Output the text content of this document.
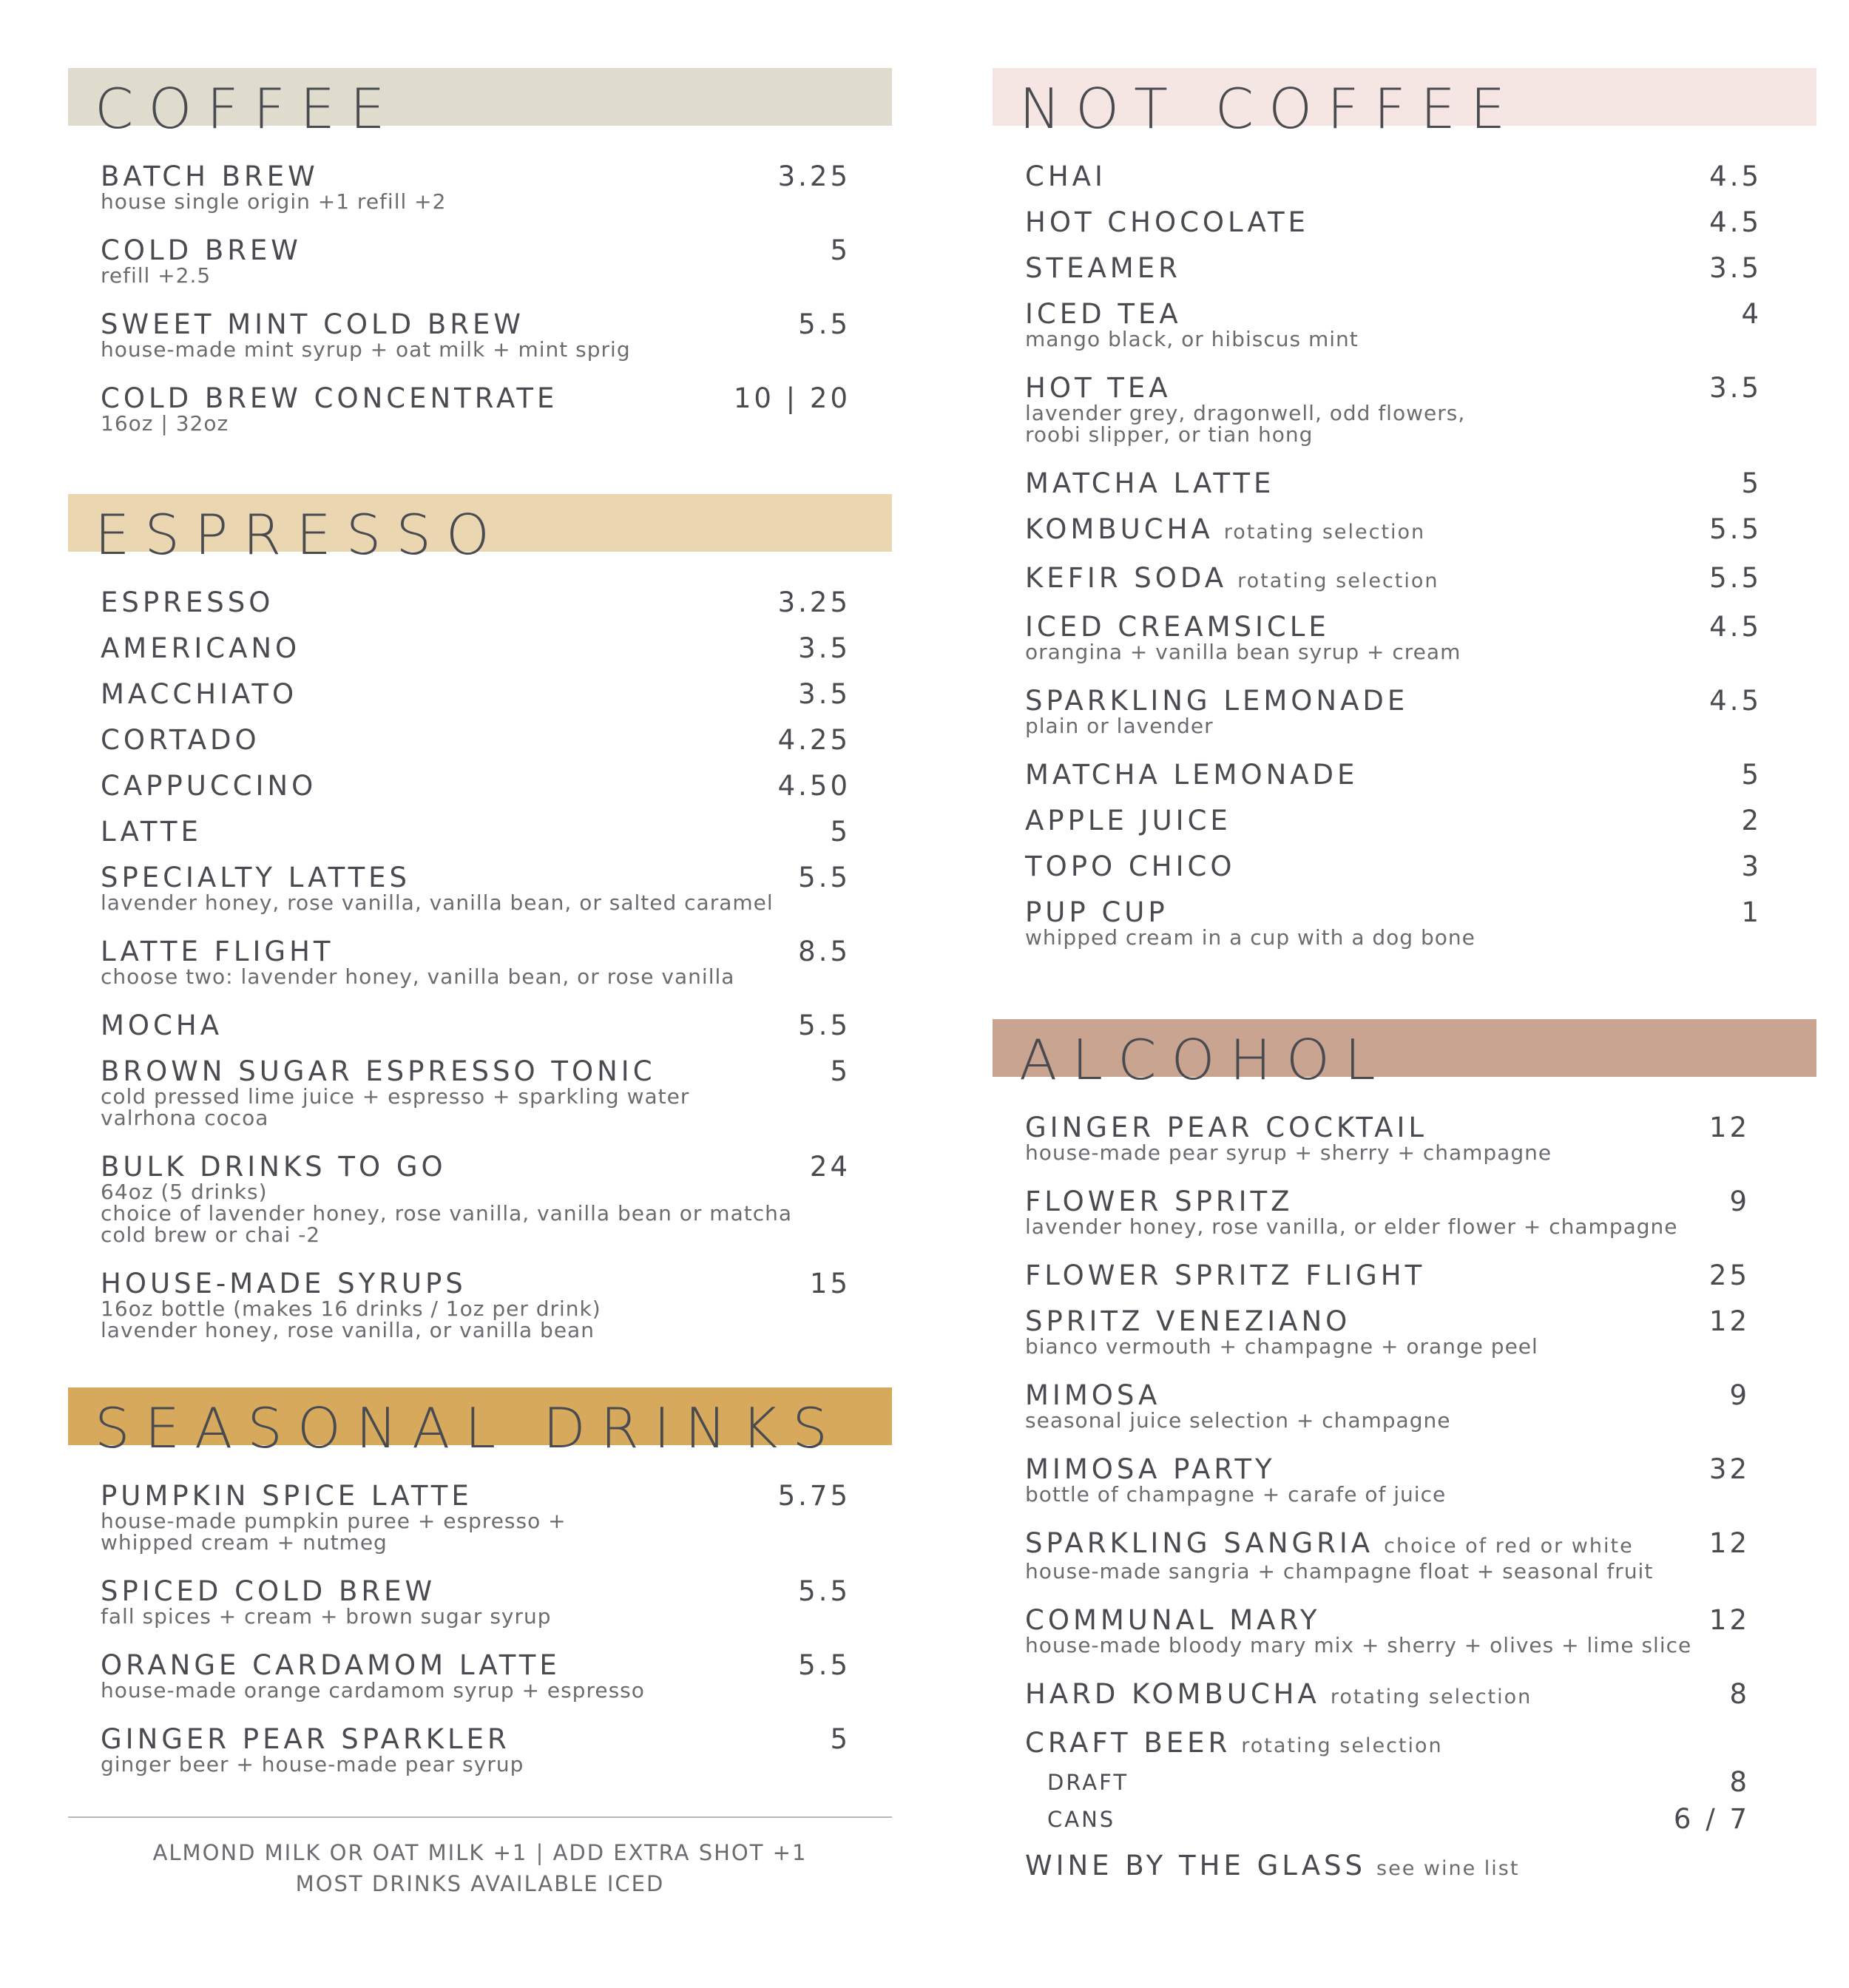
COFFEE
BATCH BREW	3.25
house single origin +1 refill +2
COLD BREW	5
refill +2.5
SWEET MINT COLD BREW	5.5
house-made mint syrup + oat milk + mint sprig
COLD BREW CONCENTRATE	10 | 20
16oz | 32oz
ESPRESSO
ESPRESSO	3.25
AMERICANO	3.5
MACCHIATO	3.5
CORTADO	4.25
CAPPUCCINO	4.50
LATTE	5
SPECIALTY LATTES	5.5
lavender honey, rose vanilla, vanilla bean, or salted caramel
LATTE FLIGHT	8.5
choose two: lavender honey, vanilla bean, or rose vanilla
MOCHA	5.5
BROWN SUGAR ESPRESSO TONIC	5
cold pressed lime juice + espresso + sparkling water
valrhona cocoa
BULK DRINKS TO GO	24
64oz (5 drinks)
choice of lavender honey, rose vanilla, vanilla bean or matcha
cold brew or chai -2
HOUSE-MADE SYRUPS	15
16oz bottle (makes 16 drinks / 1oz per drink)
lavender honey, rose vanilla, or vanilla bean
SEASONAL DRINKS
PUMPKIN SPICE LATTE	5.75
house-made pumpkin puree + espresso +
whipped cream + nutmeg
SPICED COLD BREW	5.5
fall spices + cream + brown sugar syrup
ORANGE CARDAMOM LATTE	5.5
house-made orange cardamom syrup + espresso
GINGER PEAR SPARKLER	5
ginger beer + house-made pear syrup
ALMOND MILK OR OAT MILK +1 | ADD EXTRA SHOT +1
MOST DRINKS AVAILABLE ICED
NOT COFFEE
CHAI	4.5
HOT CHOCOLATE	4.5
STEAMER	3.5
ICED TEA	4
mango black, or hibiscus mint
HOT TEA	3.5
lavender grey, dragonwell, odd flowers,
roobi slipper, or tian hong
MATCHA LATTE	5
KOMBUCHA rotating selection	5.5
KEFIR SODA rotating selection	5.5
ICED CREAMSICLE	4.5
orangina + vanilla bean syrup + cream
SPARKLING LEMONADE	4.5
plain or lavender
MATCHA LEMONADE	5
APPLE JUICE	2
TOPO CHICO	3
PUP CUP	1
whipped cream in a cup with a dog bone
ALCOHOL
GINGER PEAR COCKTAIL	12
house-made pear syrup + sherry + champagne
FLOWER SPRITZ	9
lavender honey, rose vanilla, or elder flower + champagne
FLOWER SPRITZ FLIGHT	25
SPRITZ VENEZIANO	12
bianco vermouth + champagne + orange peel
MIMOSA	9
seasonal juice selection + champagne
MIMOSA PARTY	32
bottle of champagne + carafe of juice
SPARKLING SANGRIA choice of red or white	12
house-made sangria + champagne float + seasonal fruit
COMMUNAL MARY	12
house-made bloody mary mix + sherry + olives + lime slice
HARD KOMBUCHA rotating selection	8
CRAFT BEER rotating selection
DRAFT	8
CANS	6 / 7
WINE BY THE GLASS see wine list
